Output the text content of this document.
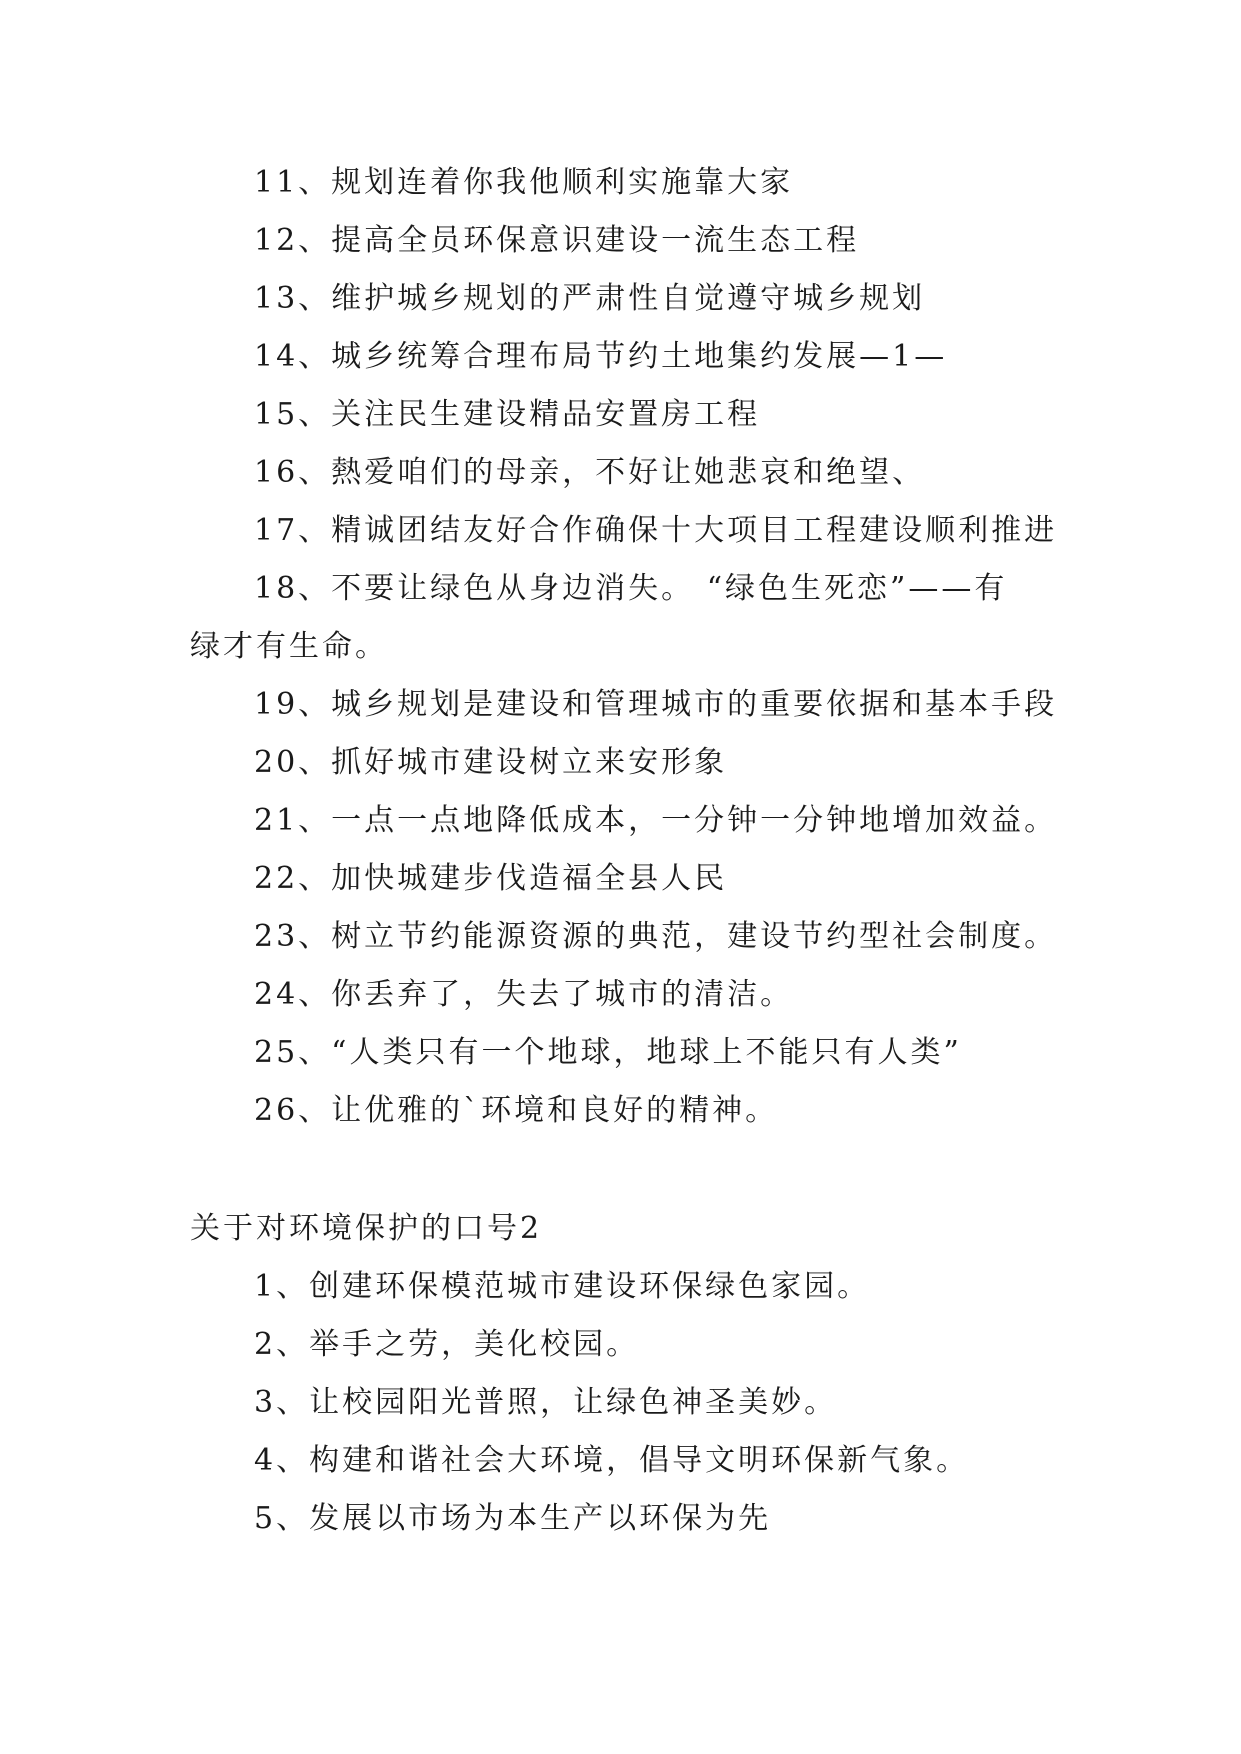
11、规划连着你我他顺利实施靠大家
12、提高全员环保意识建设一流生态工程
13、维护城乡规划的严肃性自觉遵守城乡规划
14、城乡统筹合理布局节约土地集约发展—1—
15、关注民生建设精品安置房工程
16、熱爱咱们的母亲，不好让她悲哀和绝望、
17、精诚团结友好合作确保十大项目工程建设顺利推进
18、不要让绿色从身边消失。 “绿色生死恋”——有
绿才有生命。
19、城乡规划是建设和管理城市的重要依据和基本手段
20、抓好城市建设树立来安形象
21、一点一点地降低成本，一分钟一分钟地增加效益。
22、加快城建步伐造福全县人民
23、树立节约能源资源的典范，建设节约型社会制度。
24、你丢弃了，失去了城市的清洁。
25、“人类只有一个地球，地球上不能只有人类”
26、让优雅的`环境和良好的精神。
关于对环境保护的口号2
1、创建环保模范城市建设环保绿色家园。
2、举手之劳，美化校园。
3、让校园阳光普照，让绿色神圣美妙。
4、构建和谐社会大环境，倡导文明环保新气象。
5、发展以市场为本生产以环保为先
